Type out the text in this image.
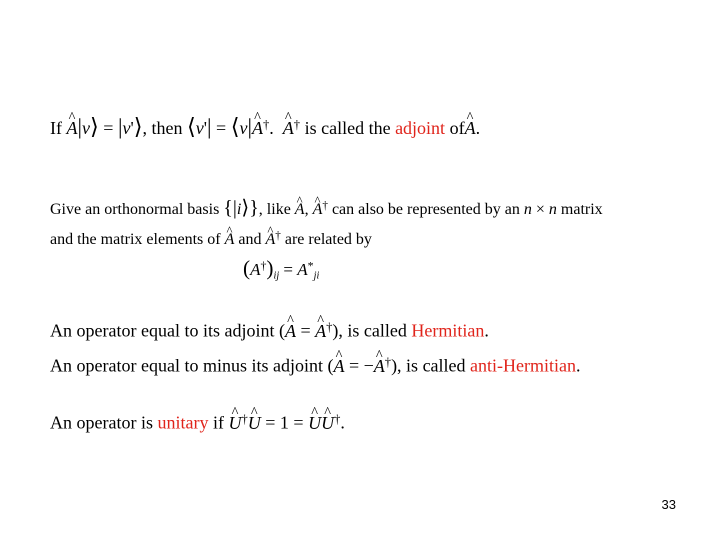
If ^ A|v⟩ = |v'⟩, then ⟨v'| = ⟨v|^ A†.  ^ A† is called the adjoint of^ A.
Give an orthonormal basis {|i⟩}, like ^ A, ^ A† can also be represented by an n × n matrix
and the matrix elements of ^ A and ^ A† are related by
$(A^\dagger)_{ij} = A^*_{ji}$
An operator equal to its adjoint (^ A = ^ A†), is called Hermitian.
An operator equal to minus its adjoint (^ A = −^ A†), is called anti-Hermitian.
An operator is unitary if ^ U†^ U = 1 = ^ U^ U†.
33
